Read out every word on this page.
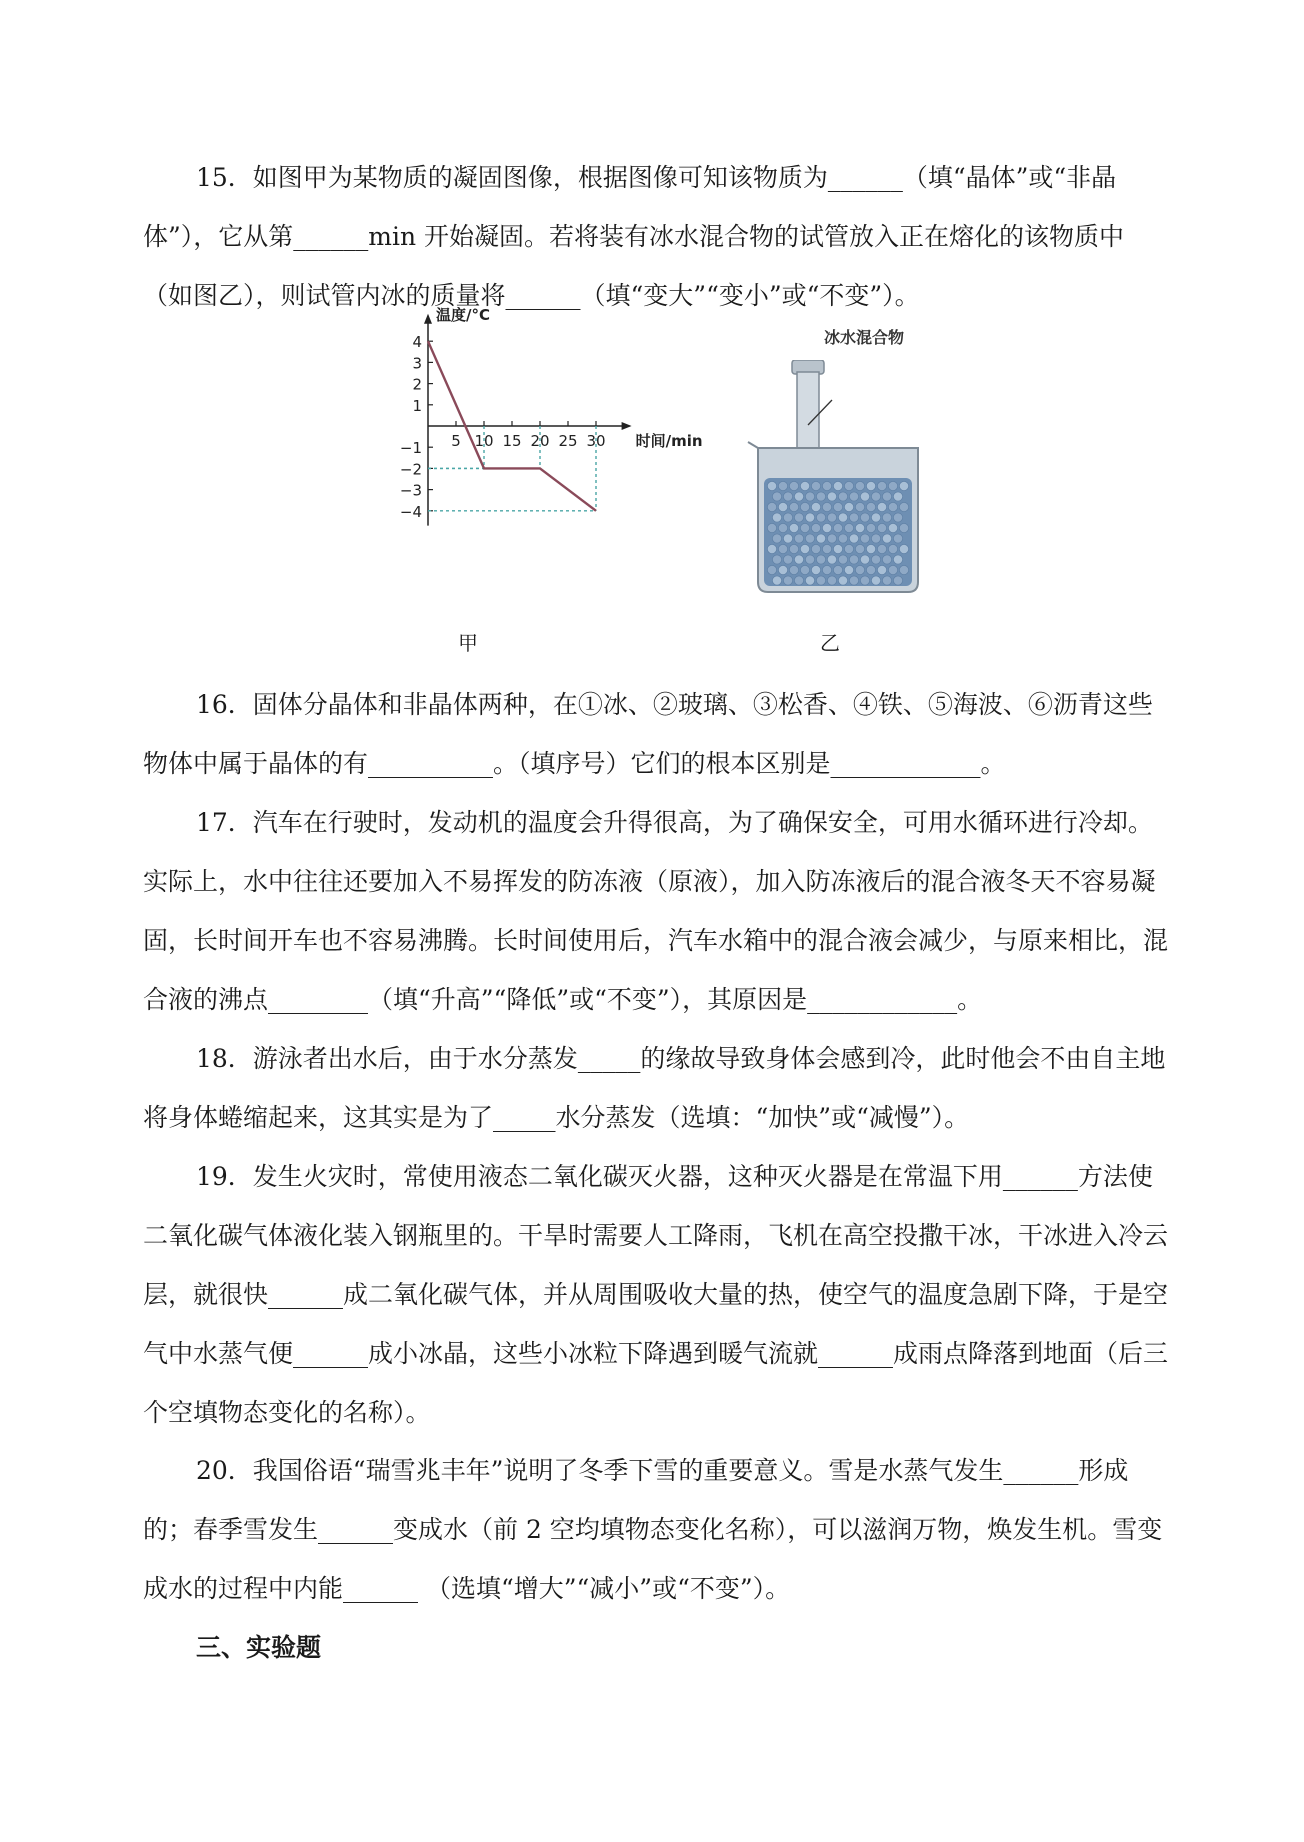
15．如图甲为某物质的凝固图像，根据图像可知该物质为______（填“晶体”或“非晶体”），它从第______min 开始凝固。若将装有冰水混合物的试管放入正在熔化的该物质中（如图乙），则试管内冰的质量将______（填“变大”“变小”或“不变”）。

4
3
2
1
−1
−2
−3
−4
5 10 15 20 25 30
温度/°C
时间/min
冰水混合物
甲	乙

16．固体分晶体和非晶体两种，在①冰、②玻璃、③松香、④铁、⑤海波、⑥沥青这些物体中属于晶体的有__________。（填序号）它们的根本区别是____________。

17．汽车在行驶时，发动机的温度会升得很高，为了确保安全，可用水循环进行冷却。实际上，水中往往还要加入不易挥发的防冻液（原液），加入防冻液后的混合液冬天不容易凝固，长时间开车也不容易沸腾。长时间使用后，汽车水箱中的混合液会减少，与原来相比，混合液的沸点________（填“升高”“降低”或“不变”），其原因是____________。

18．游泳者出水后，由于水分蒸发_____的缘故导致身体会感到冷，此时他会不由自主地将身体蜷缩起来，这其实是为了_____水分蒸发（选填：“加快”或“减慢”）。

19．发生火灾时，常使用液态二氧化碳灭火器，这种灭火器是在常温下用______方法使二氧化碳气体液化装入钢瓶里的。干旱时需要人工降雨，飞机在高空投撒干冰，干冰进入冷云层，就很快______成二氧化碳气体，并从周围吸收大量的热，使空气的温度急剧下降，于是空气中水蒸气便______成小冰晶，这些小冰粒下降遇到暖气流就______成雨点降落到地面（后三个空填物态变化的名称）。

20．我国俗语“瑞雪兆丰年”说明了冬季下雪的重要意义。雪是水蒸气发生______形成的；春季雪发生______变成水（前 2 空均填物态变化名称），可以滋润万物，焕发生机。雪变成水的过程中内能______ （选填“增大”“减小”或“不变”）。

三、实验题
